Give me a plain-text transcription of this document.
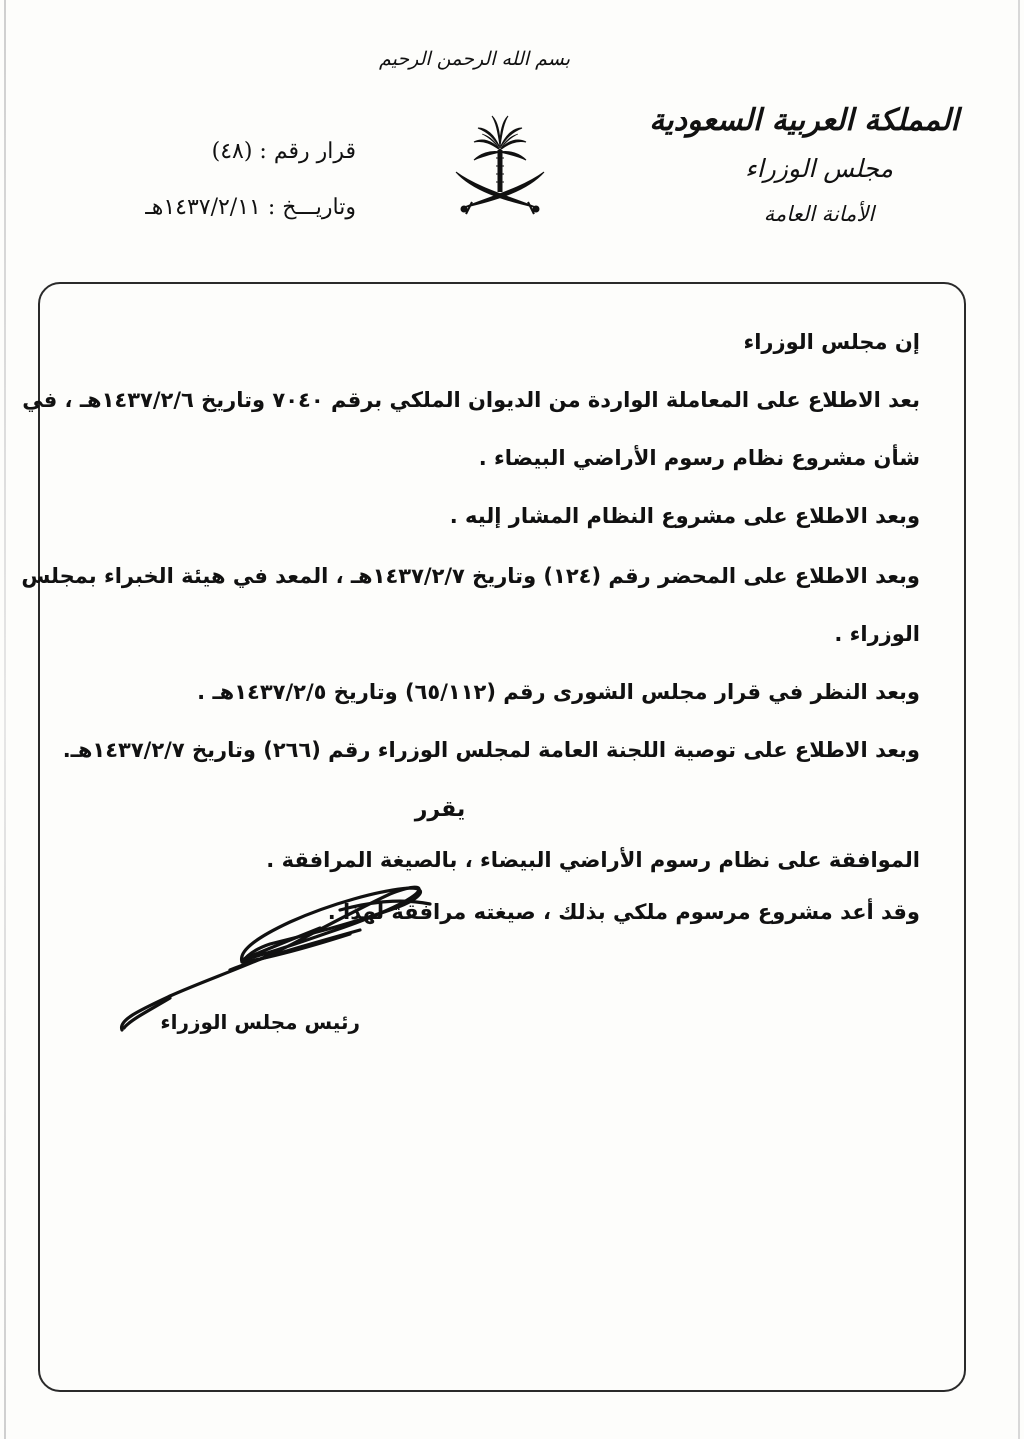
بسم الله الرحمن الرحيم
المملكة العربية السعودية
مجلس الوزراء
الأمانة العامة
قرار رقم : (٤٨)
وتاريـــخ : ١٤٣٧/٢/١١هـ
إن مجلس الوزراء
بعد الاطلاع على المعاملة الواردة من الديوان الملكي برقم ٧٠٤٠ وتاريخ ١٤٣٧/٢/٦هـ ، في
شأن مشروع نظام رسوم الأراضي البيضاء .
وبعد الاطلاع على مشروع النظام المشار إليه .
وبعد الاطلاع على المحضر رقم (١٢٤) وتاريخ ١٤٣٧/٢/٧هـ ، المعد في هيئة الخبراء بمجلس
الوزراء .
وبعد النظر في قرار مجلس الشورى رقم (٦٥/١١٢) وتاريخ ١٤٣٧/٢/٥هـ .
وبعد الاطلاع على توصية اللجنة العامة لمجلس الوزراء رقم (٢٦٦) وتاريخ ١٤٣٧/٢/٧هـ.
يقرر
الموافقة على نظام رسوم الأراضي البيضاء ، بالصيغة المرافقة .
وقد أعد مشروع مرسوم ملكي بذلك ، صيغته مرافقة لهذا .
رئيس مجلس الوزراء
